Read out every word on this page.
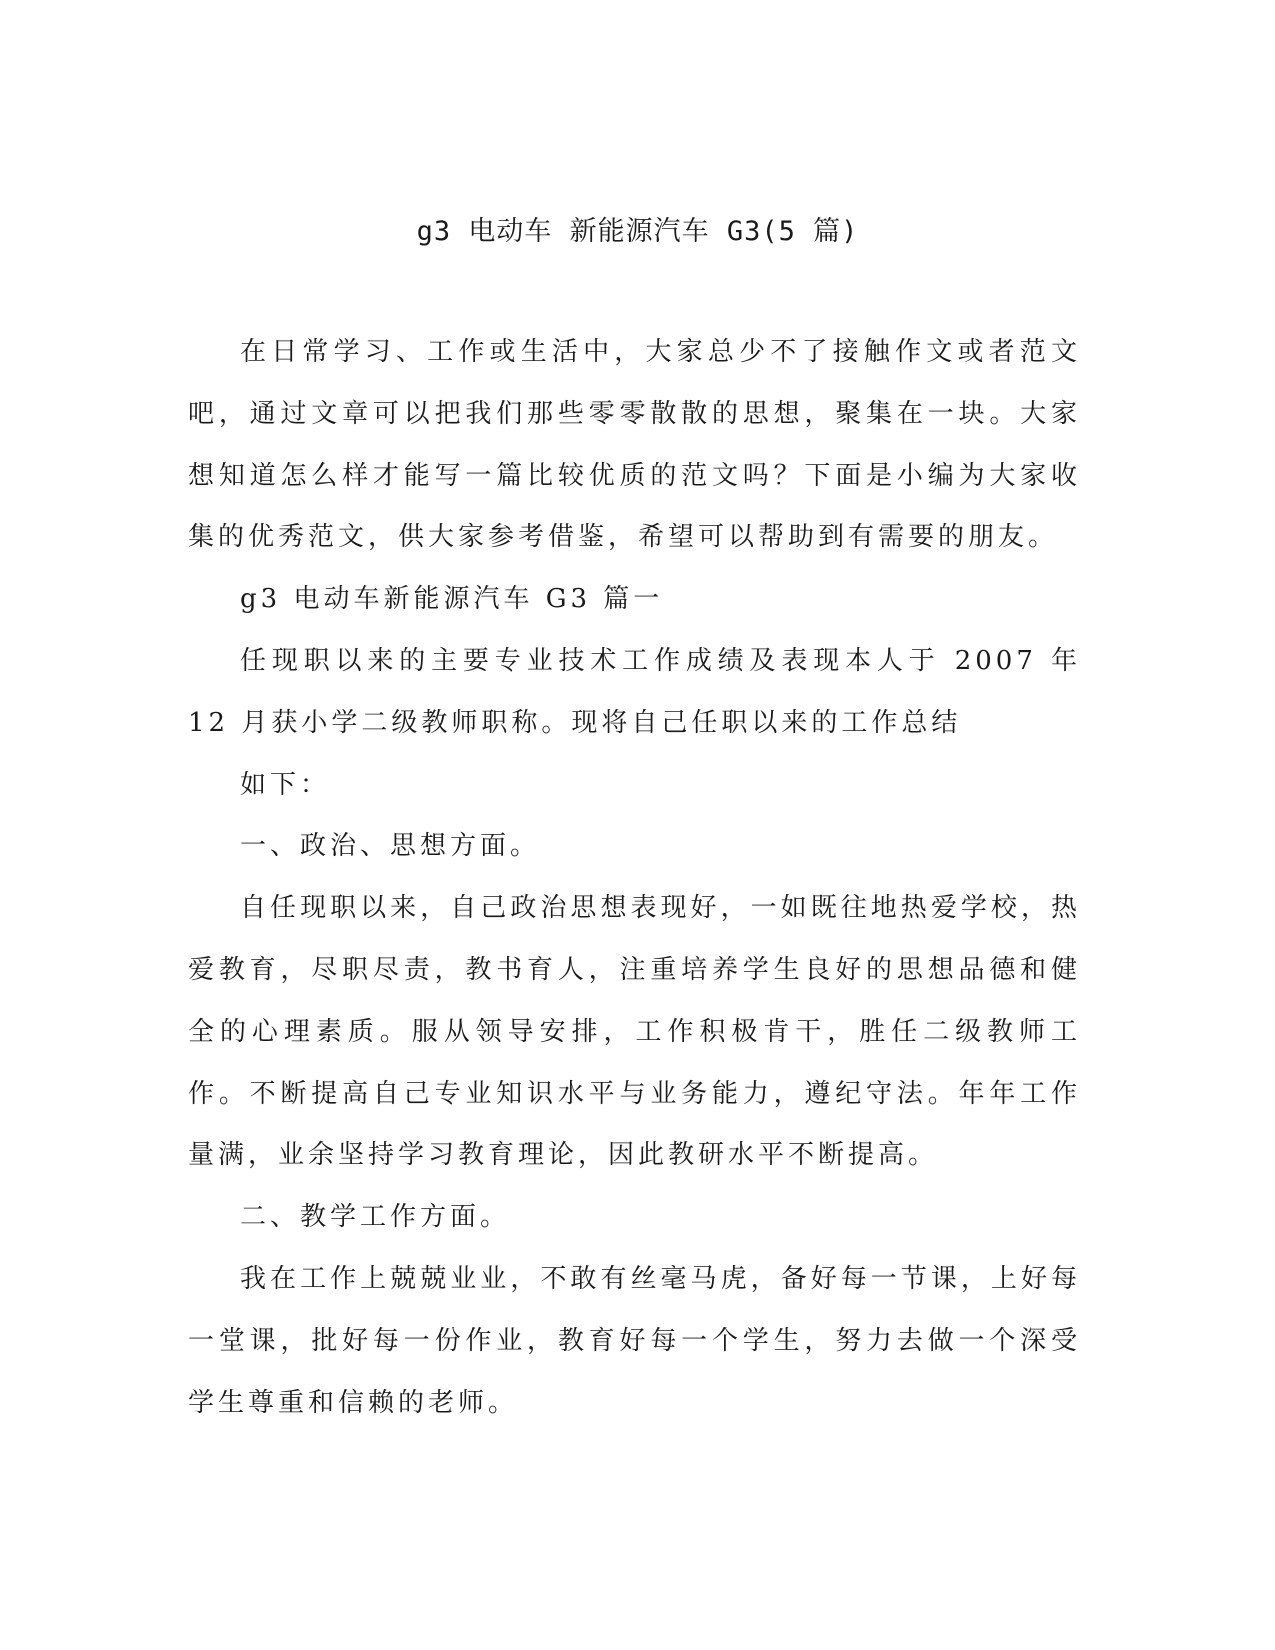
g3 电动车 新能源汽车 G3(5 篇)

在日常学习、工作或生活中，大家总少不了接触作文或者范文吧，通过文章可以把我们那些零零散散的思想，聚集在一块。大家想知道怎么样才能写一篇比较优质的范文吗？下面是小编为大家收集的优秀范文，供大家参考借鉴，希望可以帮助到有需要的朋友。

g3 电动车新能源汽车 G3 篇一

任现职以来的主要专业技术工作成绩及表现本人于 2007 年 12 月获小学二级教师职称。现将自己任职以来的工作总结

如下：

一、政治、思想方面。

自任现职以来，自己政治思想表现好，一如既往地热爱学校，热爱教育，尽职尽责，教书育人，注重培养学生良好的思想品德和健全的心理素质。服从领导安排，工作积极肯干，胜任二级教师工作。不断提高自己专业知识水平与业务能力，遵纪守法。年年工作量满，业余坚持学习教育理论，因此教研水平不断提高。

二、教学工作方面。

我在工作上兢兢业业，不敢有丝毫马虎，备好每一节课，上好每一堂课，批好每一份作业，教育好每一个学生，努力去做一个深受学生尊重和信赖的老师。
